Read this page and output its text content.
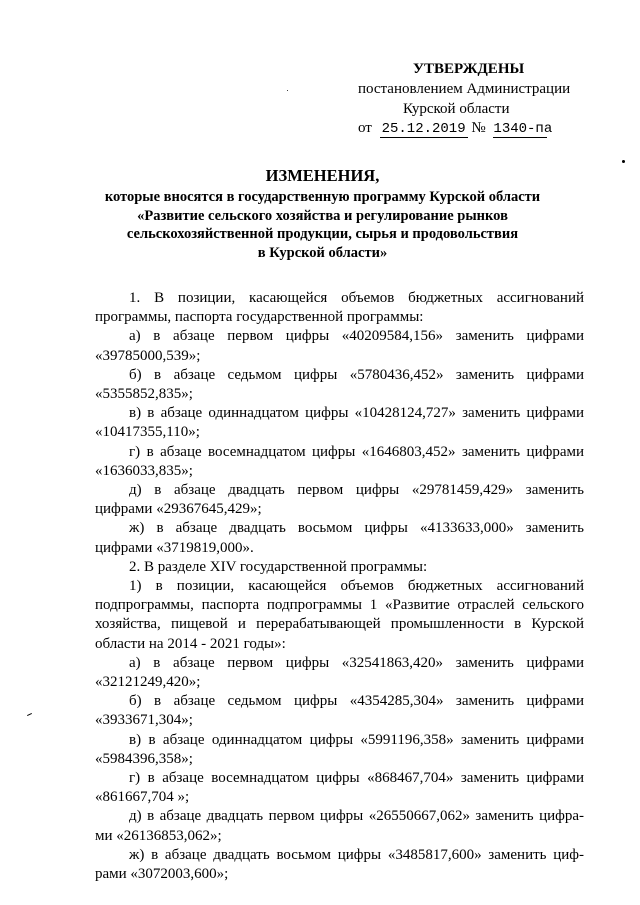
УТВЕРЖДЕНЫ
постановлением Администрации
Курской области
от 25.12.2019 № 1340-па
ИЗМЕНЕНИЯ,
которые вносятся в государственную программу Курской области
«Развитие сельского хозяйства и регулирование рынков
сельскохозяйственной продукции, сырья и продовольствия
в Курской области»

1. В позиции, касающейся объемов бюджетных ассигнований

программы, паспорта государственной программы:

а) в абзаце первом цифры «40209584,156» заменить цифрами

«39785000,539»;

б) в абзаце седьмом цифры «5780436,452» заменить цифрами

«5355852,835»;

в) в абзаце одиннадцатом цифры «10428124,727» заменить цифрами

«10417355,110»;

г) в абзаце восемнадцатом цифры «1646803,452» заменить цифрами

«1636033,835»;

д) в абзаце двадцать первом цифры «29781459,429» заменить

цифрами «29367645,429»;

ж) в абзаце двадцать восьмом цифры «4133633,000» заменить

цифрами «3719819,000».

2. В разделе XIV государственной программы:

1) в позиции, касающейся объемов бюджетных ассигнований

подпрограммы, паспорта подпрограммы 1 «Развитие отраслей сельского

хозяйства, пищевой и перерабатывающей промышленности в Курской

области на 2014 - 2021 годы»:

а) в абзаце первом цифры «32541863,420» заменить цифрами

«32121249,420»;

б) в абзаце седьмом цифры «4354285,304» заменить цифрами

«3933671,304»;

в) в абзаце одиннадцатом цифры «5991196,358» заменить цифрами

«5984396,358»;

г) в абзаце восемнадцатом цифры «868467,704» заменить цифрами

«861667,704 »;

д) в абзаце двадцать первом цифры «26550667,062» заменить цифра-

ми «26136853,062»;

ж) в абзаце двадцать восьмом цифры «3485817,600» заменить циф-

рами «3072003,600»;
